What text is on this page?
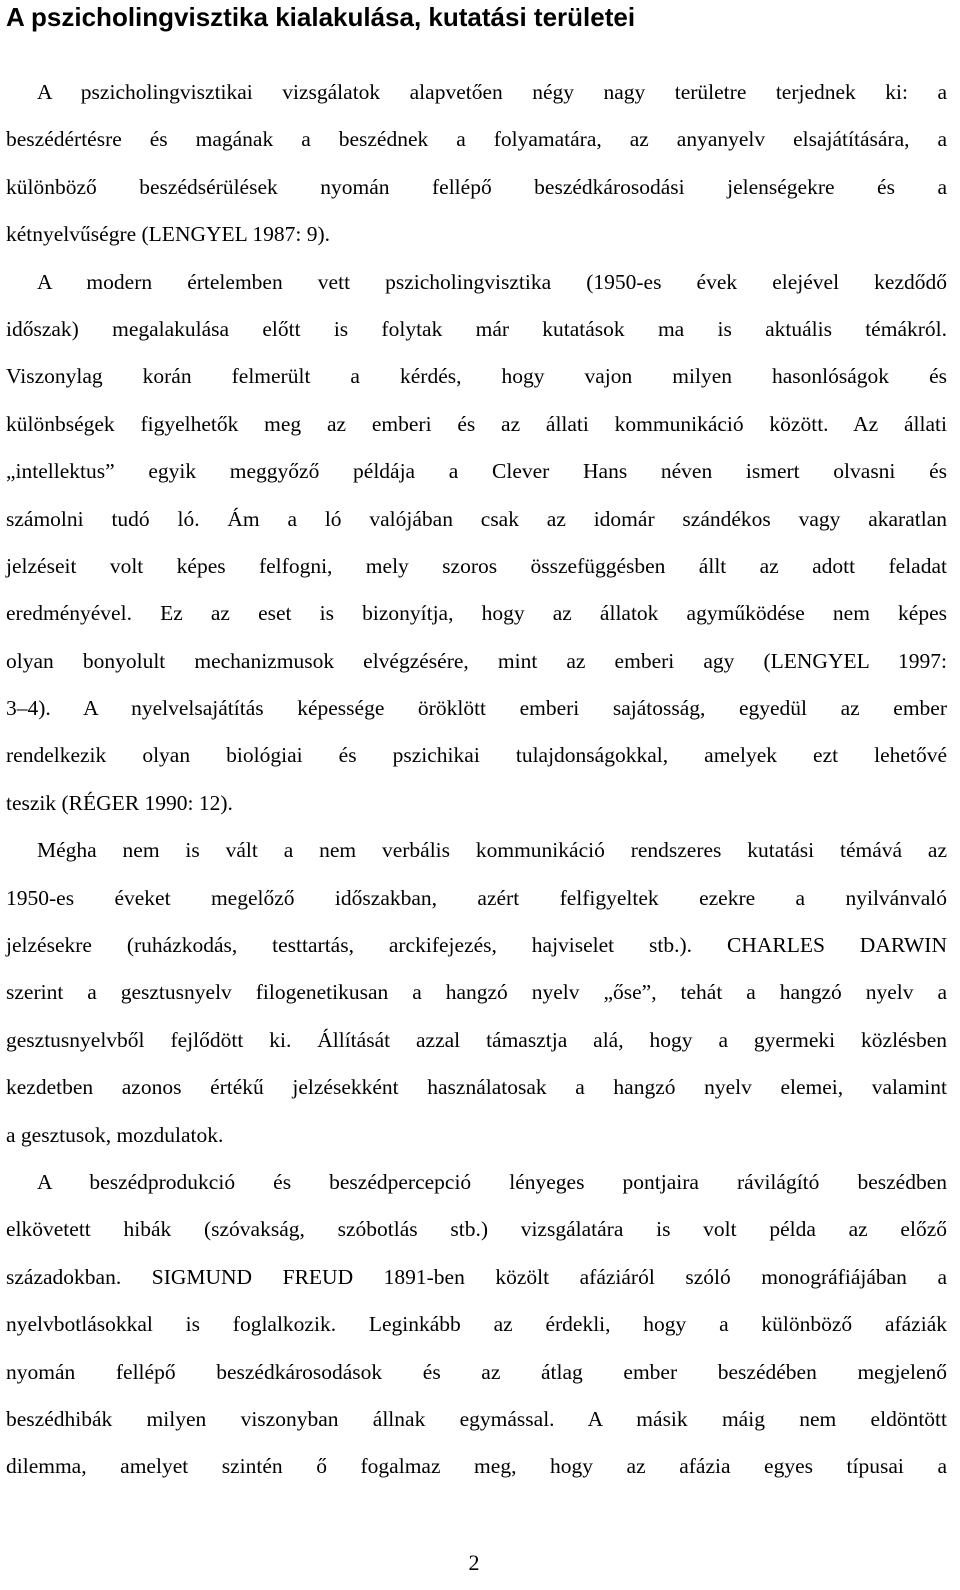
A pszicholingvisztika kialakulása, kutatási területei
A pszicholingvisztikai vizsgálatok alapvetően négy nagy területre terjednek ki: a
beszédértésre és magának a beszédnek a folyamatára, az anyanyelv elsajátítására, a
különböző beszédsérülések nyomán fellépő beszédkárosodási jelenségekre és a
kétnyelvűségre (LENGYEL 1987: 9).
A modern értelemben vett pszicholingvisztika (1950-es évek elejével kezdődő
időszak) megalakulása előtt is folytak már kutatások ma is aktuális témákról.
Viszonylag korán felmerült a kérdés, hogy vajon milyen hasonlóságok és
különbségek figyelhetők meg az emberi és az állati kommunikáció között. Az állati
„intellektus” egyik meggyőző példája a Clever Hans néven ismert olvasni és
számolni tudó ló. Ám a ló valójában csak az idomár szándékos vagy akaratlan
jelzéseit volt képes felfogni, mely szoros összefüggésben állt az adott feladat
eredményével. Ez az eset is bizonyítja, hogy az állatok agyműködése nem képes
olyan bonyolult mechanizmusok elvégzésére, mint az emberi agy (LENGYEL 1997:
3–4). A nyelvelsajátítás képessége öröklött emberi sajátosság, egyedül az ember
rendelkezik olyan biológiai és pszichikai tulajdonságokkal, amelyek ezt lehetővé
teszik (RÉGER 1990: 12).
Mégha nem is vált a nem verbális kommunikáció rendszeres kutatási témává az
1950-es éveket megelőző időszakban, azért felfigyeltek ezekre a nyilvánvaló
jelzésekre (ruházkodás, testtartás, arckifejezés, hajviselet stb.). CHARLES DARWIN
szerint a gesztusnyelv filogenetikusan a hangzó nyelv „őse”, tehát a hangzó nyelv a
gesztusnyelvből fejlődött ki. Állítását azzal támasztja alá, hogy a gyermeki közlésben
kezdetben azonos értékű jelzésekként használatosak a hangzó nyelv elemei, valamint
a gesztusok, mozdulatok.
A beszédprodukció és beszédpercepció lényeges pontjaira rávilágító beszédben
elkövetett hibák (szóvakság, szóbotlás stb.) vizsgálatára is volt példa az előző
századokban. SIGMUND FREUD 1891-ben közölt afáziáról szóló monográfiájában a
nyelvbotlásokkal is foglalkozik. Leginkább az érdekli, hogy a különböző afáziák
nyomán fellépő beszédkárosodások és az átlag ember beszédében megjelenő
beszédhibák milyen viszonyban állnak egymással. A másik máig nem eldöntött
dilemma, amelyet szintén ő fogalmaz meg, hogy az afázia egyes típusai a
2
